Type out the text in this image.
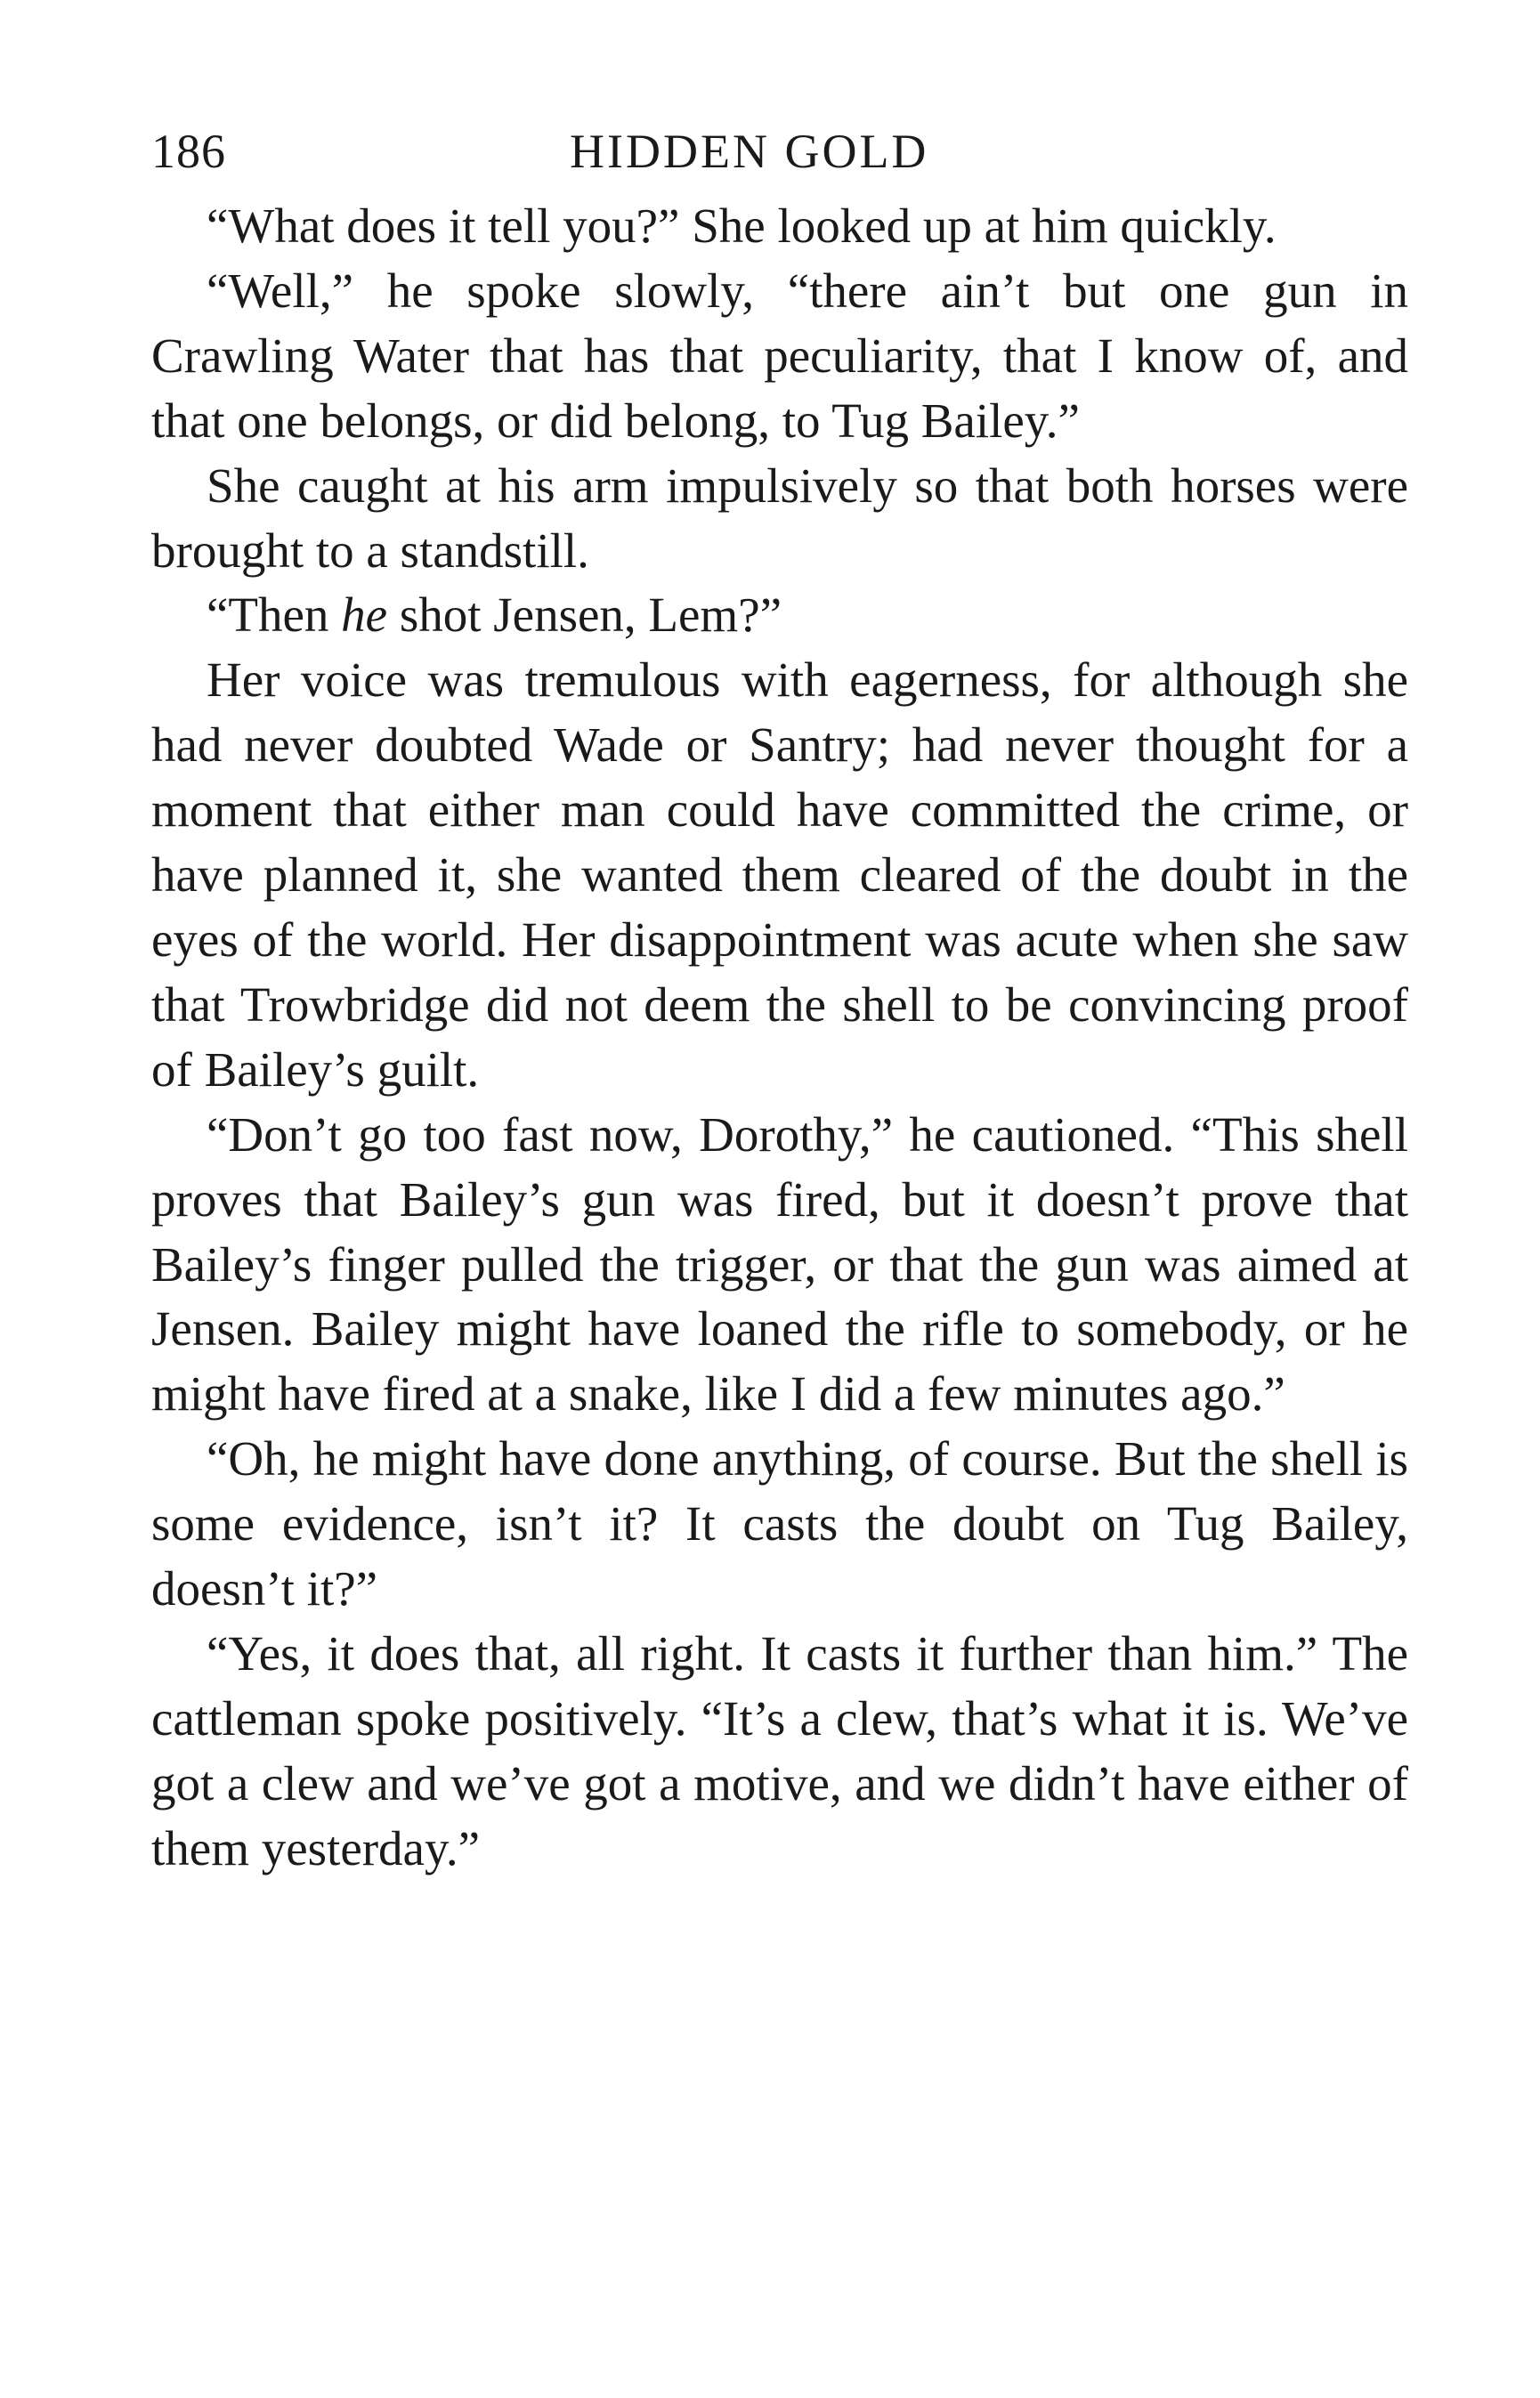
186	HIDDEN GOLD

“What does it tell you?” She looked up at him quickly.

“Well,” he spoke slowly, “there ain’t but one gun in Crawling Water that has that peculiarity, that I know of, and that one belongs, or did belong, to Tug Bailey.”

She caught at his arm impulsively so that both horses were brought to a standstill.

“Then he shot Jensen, Lem?”

Her voice was tremulous with eagerness, for although she had never doubted Wade or Santry; had never thought for a moment that either man could have committed the crime, or have planned it, she wanted them cleared of the doubt in the eyes of the world. Her disappointment was acute when she saw that Trowbridge did not deem the shell to be convincing proof of Bailey’s guilt.

“Don’t go too fast now, Dorothy,” he cautioned. “This shell proves that Bailey’s gun was fired, but it doesn’t prove that Bailey’s finger pulled the trigger, or that the gun was aimed at Jensen. Bailey might have loaned the rifle to somebody, or he might have fired at a snake, like I did a few minutes ago.”

“Oh, he might have done anything, of course. But the shell is some evidence, isn’t it? It casts the doubt on Tug Bailey, doesn’t it?”

“Yes, it does that, all right. It casts it further than him.” The cattleman spoke positively. “It’s a clew, that’s what it is. We’ve got a clew and we’ve got a motive, and we didn’t have either of them yesterday.”
